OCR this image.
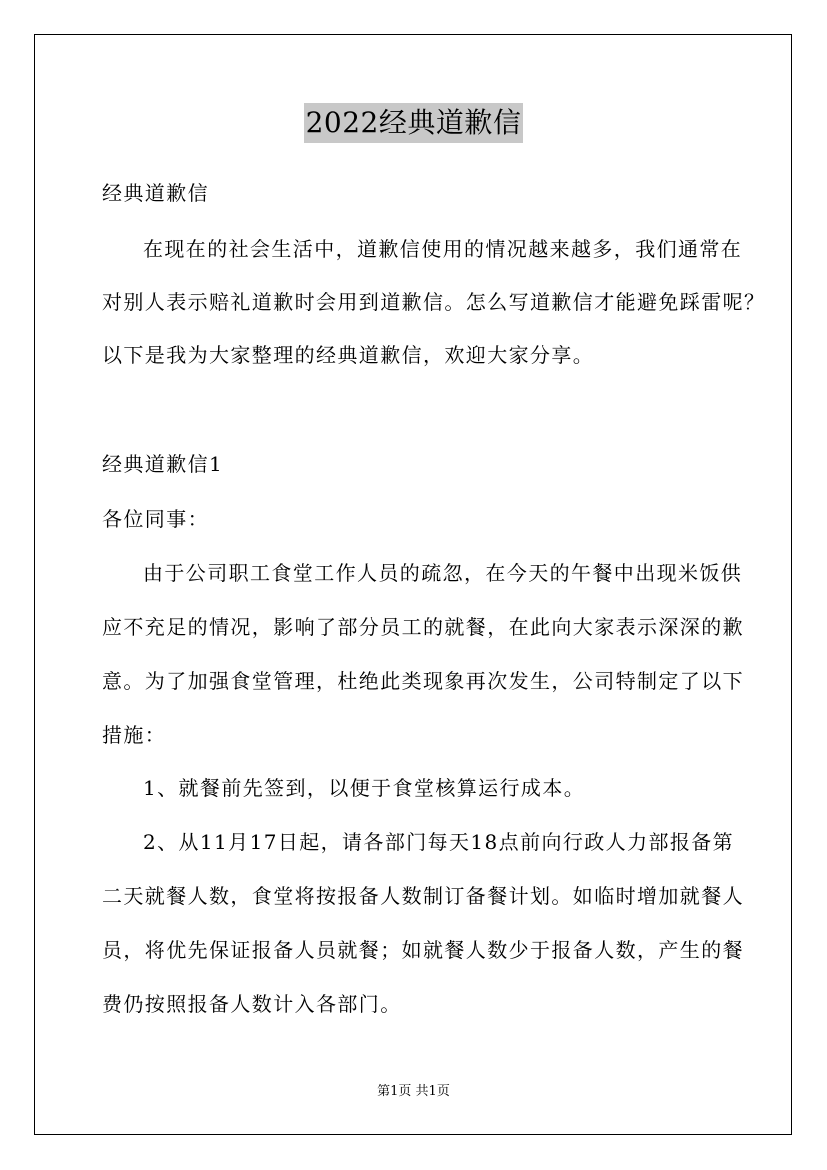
2022经典道歉信
经典道歉信
在现在的社会生活中，道歉信使用的情况越来越多，我们通常在
对别人表示赔礼道歉时会用到道歉信。怎么写道歉信才能避免踩雷呢？
以下是我为大家整理的经典道歉信，欢迎大家分享。
经典道歉信1
各位同事：
由于公司职工食堂工作人员的疏忽，在今天的午餐中出现米饭供
应不充足的情况，影响了部分员工的就餐，在此向大家表示深深的歉
意。为了加强食堂管理，杜绝此类现象再次发生，公司特制定了以下
措施：
1、就餐前先签到，以便于食堂核算运行成本。
2、从11月17日起，请各部门每天18点前向行政人力部报备第
二天就餐人数，食堂将按报备人数制订备餐计划。如临时增加就餐人
员，将优先保证报备人员就餐；如就餐人数少于报备人数，产生的餐
费仍按照报备人数计入各部门。
第1页 共1页
